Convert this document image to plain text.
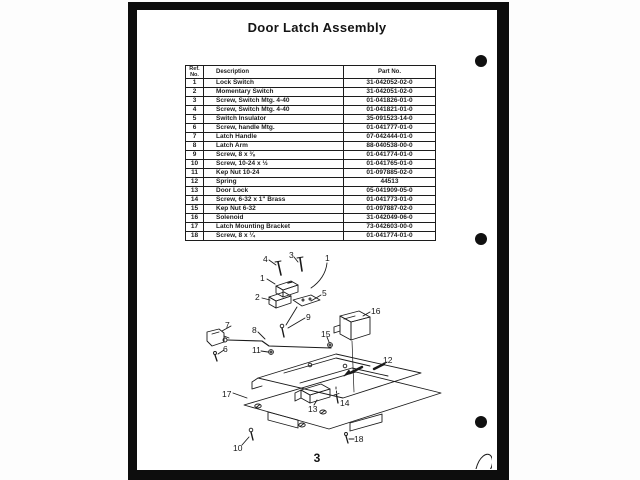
Door Latch Assembly
Ref.
No.	Description	Part No.
1	Lock Switch	31-042052-02-0
2	Momentary Switch	31-042051-02-0
3	Screw, Switch Mtg. 4-40	01-041826-01-0
4	Screw, Switch Mtg. 4-40	01-041821-01-0
5	Switch Insulator	35-091523-14-0
6	Screw, handle Mtg.	01-041777-01-0
7	Latch Handle	07-042444-01-0
8	Latch Arm	88-040538-00-0
9	Screw, 8 x ⅜	01-041774-01-0
10	Screw, 10-24 x ½	01-041765-01-0
11	Kep Nut 10-24	01-097885-02-0
12	Spring	44513
13	Door Lock	05-041909-05-0
14	Screw, 6-32 x 1" Brass	01-041773-01-0
15	Kep Nut 6-32	01-097887-02-0
16	Solenoid	31-042049-06-0
17	Latch Mounting Bracket	73-042603-00-0
18	Screw, 8 x ¼	01-041774-01-0
4	3	1
1
2	5
9
7	8
16
15
11
6
12
17
13
14
10
18
3
